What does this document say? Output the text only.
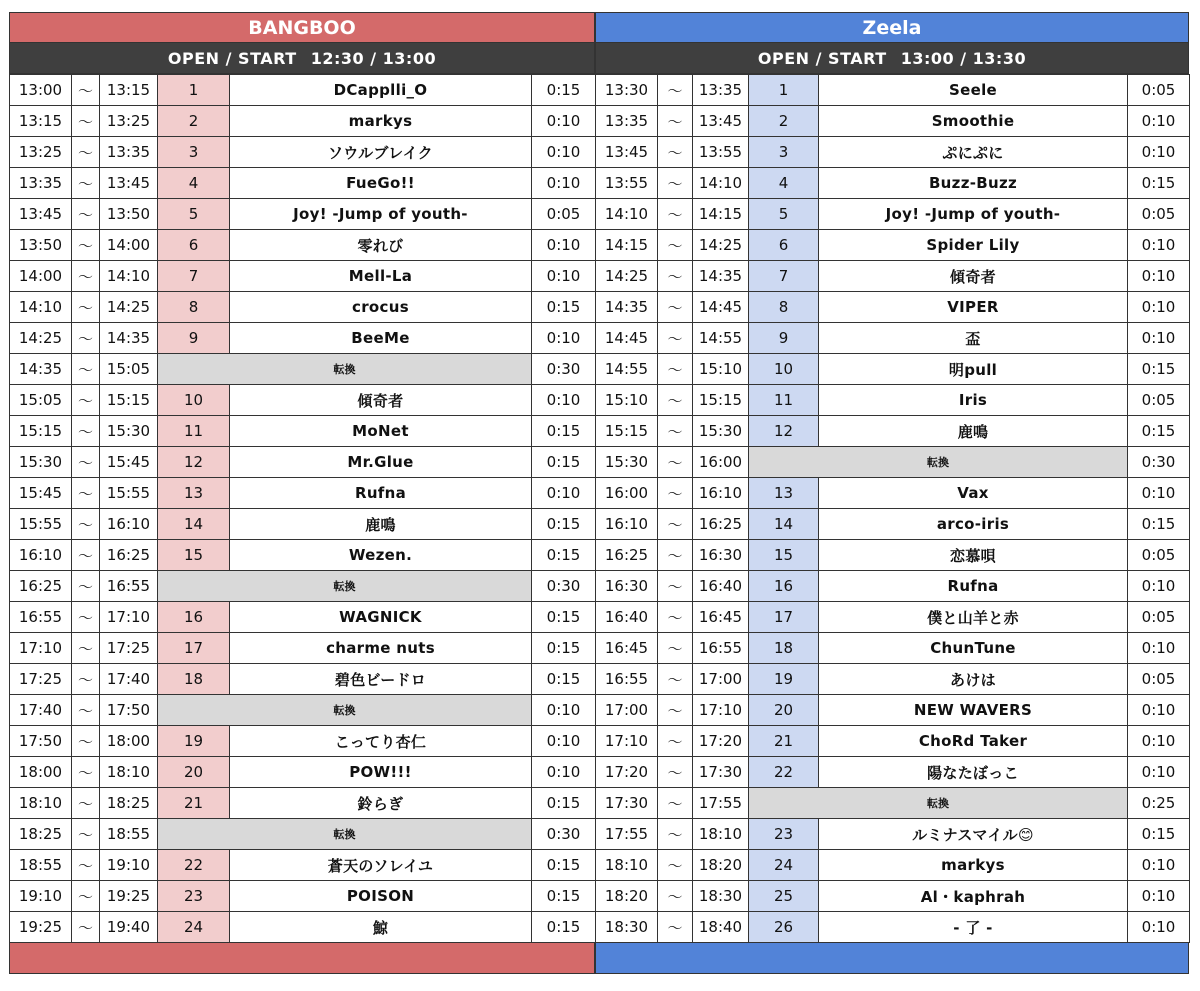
BANGBOO
OPEN / START 12:30 / 13:00
13:00	～	13:15	1	DCapplli_O	0:15
13:15	～	13:25	2	markys	0:10
13:25	～	13:35	3	ソウルブレイク	0:10
13:35	～	13:45	4	FueGo!!	0:10
13:45	～	13:50	5	Joy! -Jump of youth-	0:05
13:50	～	14:00	6	零れび	0:10
14:00	～	14:10	7	Mell-La	0:10
14:10	～	14:25	8	crocus	0:15
14:25	～	14:35	9	BeeMe	0:10
14:35	～	15:05	転換		0:30
15:05	～	15:15	10	傾奇者	0:10
15:15	～	15:30	11	MoNet	0:15
15:30	～	15:45	12	Mr.Glue	0:15
15:45	～	15:55	13	Rufna	0:10
15:55	～	16:10	14	鹿鳴	0:15
16:10	～	16:25	15	Wezen.	0:15
16:25	～	16:55	転換		0:30
16:55	～	17:10	16	WAGNICK	0:15
17:10	～	17:25	17	charme nuts	0:15
17:25	～	17:40	18	碧色ビードロ	0:15
17:40	～	17:50	転換		0:10
17:50	～	18:00	19	こってり杏仁	0:10
18:00	～	18:10	20	POW!!!	0:10
18:10	～	18:25	21	鈴らぎ	0:15
18:25	～	18:55	転換		0:30
18:55	～	19:10	22	蒼天のソレイユ	0:15
19:10	～	19:25	23	POISON	0:15
19:25	～	19:40	24	鯨	0:15
Zeela
OPEN / START 13:00 / 13:30
13:30	～	13:35	1	Seele	0:05
13:35	～	13:45	2	Smoothie	0:10
13:45	～	13:55	3	ぷにぷに	0:10
13:55	～	14:10	4	Buzz-Buzz	0:15
14:10	～	14:15	5	Joy! -Jump of youth-	0:05
14:15	～	14:25	6	Spider Lily	0:10
14:25	～	14:35	7	傾奇者	0:10
14:35	～	14:45	8	VIPER	0:10
14:45	～	14:55	9	盃	0:10
14:55	～	15:10	10	明pull	0:15
15:10	～	15:15	11	Iris	0:05
15:15	～	15:30	12	鹿鳴	0:15
15:30	～	16:00	転換		0:30
16:00	～	16:10	13	Vax	0:10
16:10	～	16:25	14	arco-iris	0:15
16:25	～	16:30	15	恋慕唄	0:05
16:30	～	16:40	16	Rufna	0:10
16:40	～	16:45	17	僕と山羊と赤	0:05
16:45	～	16:55	18	ChunTune	0:10
16:55	～	17:00	19	あけは	0:05
17:00	～	17:10	20	NEW WAVERS	0:10
17:10	～	17:20	21	ChoRd Taker	0:10
17:20	～	17:30	22	陽なたぼっこ	0:10
17:30	～	17:55	転換		0:25
17:55	～	18:10	23	ルミナスマイル😊	0:15
18:10	～	18:20	24	markys	0:10
18:20	～	18:30	25	Al・kaphrah	0:10
18:30	～	18:40	26	- 了 -	0:10
